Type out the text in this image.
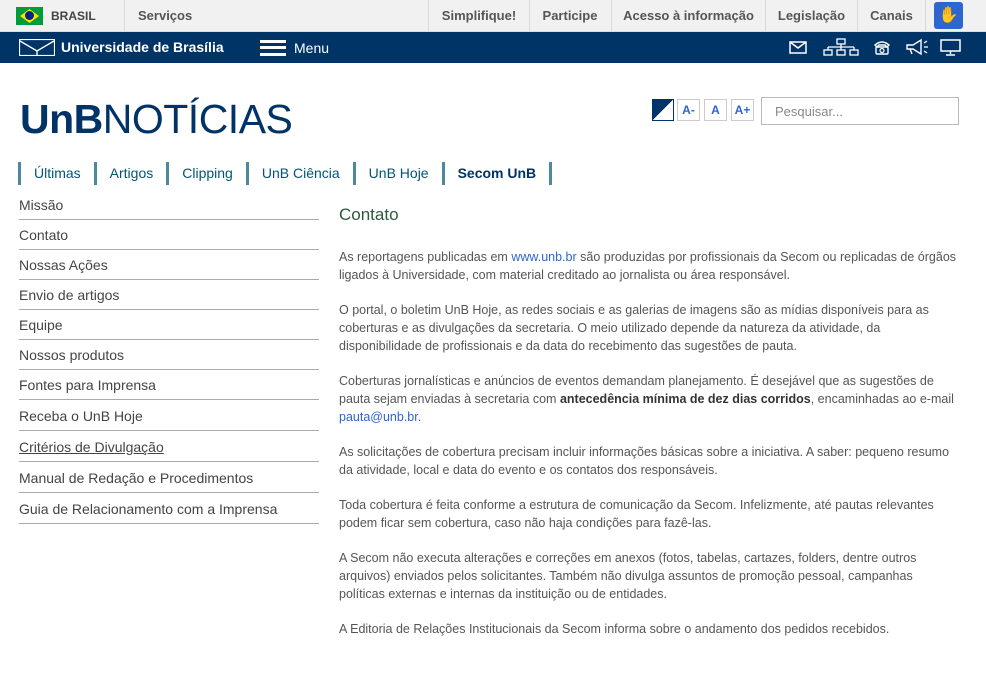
BRASIL	Serviços	Simplifique!	Participe	Acesso à informação	Legislação	Canais	✋
Universidade de Brasília	Menu
UnBNOTÍCIAS	A-	A	A+
Pesquisar...
Últimas	Artigos	Clipping	UnB Ciência	UnB Hoje	Secom UnB
Missão
Contato
Nossas Ações
Envio de artigos
Equipe
Nossos produtos
Fontes para Imprensa
Receba o UnB Hoje
Critérios de Divulgação
Manual de Redação e Procedimentos
Guia de Relacionamento com a Imprensa
Contato

As reportagens publicadas em www.unb.br são produzidas por profissionais da Secom ou replicadas de órgãos ligados à Universidade, com material creditado ao jornalista ou área responsável.

O portal, o boletim UnB Hoje, as redes sociais e as galerias de imagens são as mídias disponíveis para as coberturas e as divulgações da secretaria. O meio utilizado depende da natureza da atividade, da disponibilidade de profissionais e da data do recebimento das sugestões de pauta.

Coberturas jornalísticas e anúncios de eventos demandam planejamento. É desejável que as sugestões de pauta sejam enviadas à secretaria com antecedência mínima de dez dias corridos, encaminhadas ao e-mail pauta@unb.br.

As solicitações de cobertura precisam incluir informações básicas sobre a iniciativa. A saber: pequeno resumo da atividade, local e data do evento e os contatos dos responsáveis.

Toda cobertura é feita conforme a estrutura de comunicação da Secom. Infelizmente, até pautas relevantes podem ficar sem cobertura, caso não haja condições para fazê-las.

A Secom não executa alterações e correções em anexos (fotos, tabelas, cartazes, folders, dentre outros arquivos) enviados pelos solicitantes. Também não divulga assuntos de promoção pessoal, campanhas políticas externas e internas da instituição ou de entidades.

A Editoria de Relações Institucionais da Secom informa sobre o andamento dos pedidos recebidos.
